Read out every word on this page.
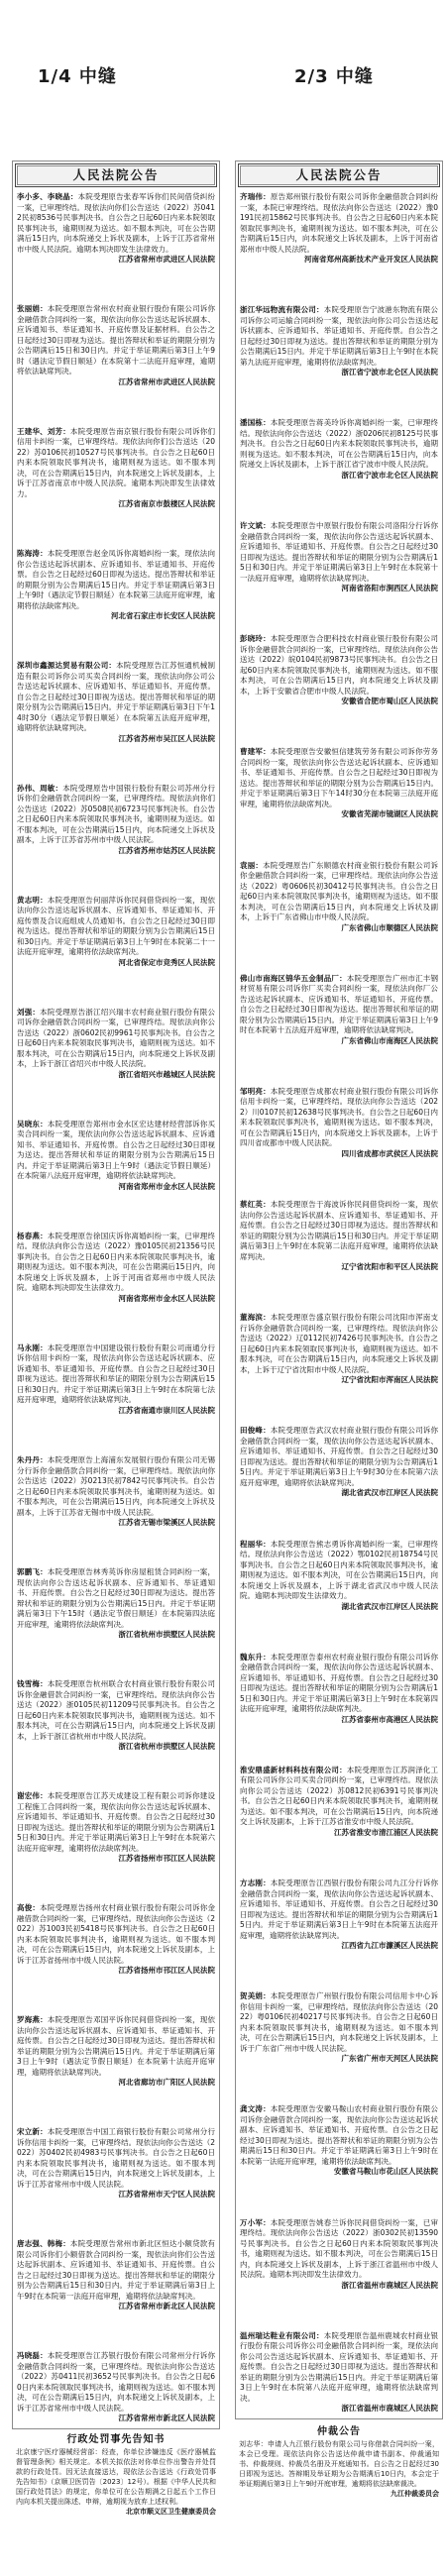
1/4 中缝	2/3 中缝
人民法院公告

李小多、李晓晶：本院受理原告张春军诉你们民间借贷纠纷一案，已审理终结。现依法向你们公告送达（2022）苏0412民初8536号民事判决书。自公告之日起60日内来本院领取民事判决书，逾期则视为送达。如不服本判决，可在公告期满后15日内，向本院递交上诉状及副本，上诉于江苏省常州市中级人民法院。逾期本判决即发生法律效力。

江苏省常州市武进区人民法院

张丽娟：本院受理原告常州农村商业银行股份有限公司诉你金融借款合同纠纷一案，现依法向你公告送达起诉状副本、应诉通知书、举证通知书、开庭传票及证据材料。自公告之日起经过30日即视为送达。提出答辩状和举证的期限分别为公告期满后15日和30日内。并定于举证期满后第3日上午9时（遇法定节假日顺延）在本院第十二法庭开庭审理，逾期将依法缺席判决。

江苏省常州市武进区人民法院

王建华、刘芳：本院受理原告南京银行股份有限公司诉你们信用卡纠纷一案，已审理终结。现依法向你们公告送达（2022）苏0106民初10527号民事判决书。自公告之日起60日内来本院领取民事判决书，逾期则视为送达。如不服本判决，可在公告期满后15日内，向本院递交上诉状及副本，上诉于江苏省南京市中级人民法院。逾期本判决即发生法律效力。

江苏省南京市鼓楼区人民法院

陈海涛：本院受理原告赵金凤诉你离婚纠纷一案，现依法向你公告送达起诉状副本、应诉通知书、举证通知书、开庭传票。自公告之日起经过60日即视为送达。提出答辩状和举证的期限分别为公告期满后15日内。并定于举证期满后第3日上午9时（遇法定节假日顺延）在本院第三法庭开庭审理，逾期将依法缺席判决。

河北省石家庄市长安区人民法院

深圳市鑫源达贸易有限公司：本院受理原告江苏恒通机械制造有限公司诉你公司买卖合同纠纷一案，现依法向你公司公告送达起诉状副本、应诉通知书、举证通知书、开庭传票。自公告之日起经过30日即视为送达。提出答辩状和举证的期限分别为公告期满后15日内。并定于举证期满后第3日下午14时30分（遇法定节假日顺延）在本院第五法庭开庭审理，逾期将依法缺席判决。

江苏省苏州市吴江区人民法院

孙伟、周敏：本院受理原告中国银行股份有限公司苏州分行诉你们金融借款合同纠纷一案，已审理终结。现依法向你们公告送达（2022）苏0508民初6723号民事判决书。自公告之日起60日内来本院领取民事判决书，逾期则视为送达。如不服本判决，可在公告期满后15日内，向本院递交上诉状及副本，上诉于江苏省苏州市中级人民法院。

江苏省苏州市姑苏区人民法院

黄志明：本院受理原告何丽萍诉你民间借贷纠纷一案，现依法向你公告送达起诉状副本、应诉通知书、举证通知书、开庭传票及合议庭组成人员通知书。自公告之日起经过30日即视为送达。提出答辩状和举证的期限分别为公告期满后15日和30日内。并定于举证期满后第3日上午9时在本院第二十一法庭开庭审理，逾期将依法缺席判决。

河北省保定市竞秀区人民法院

刘强：本院受理原告浙江绍兴瑞丰农村商业银行股份有限公司诉你金融借款合同纠纷一案，已审理终结。现依法向你公告送达（2022）浙0602民初9961号民事判决书。自公告之日起60日内来本院领取民事判决书，逾期则视为送达。如不服本判决，可在公告期满后15日内，向本院递交上诉状及副本，上诉于浙江省绍兴市中级人民法院。

浙江省绍兴市越城区人民法院

吴晓东：本院受理原告郑州市金水区宏达建材经营部诉你买卖合同纠纷一案，现依法向你公告送达起诉状副本、应诉通知书、举证通知书、开庭传票。自公告之日起经过30日即视为送达。提出答辩状和举证的期限分别为公告期满后15日内。并定于举证期满后第3日上午9时（遇法定节假日顺延）在本院第八法庭开庭审理，逾期将依法缺席判决。

河南省郑州市金水区人民法院

杨春燕：本院受理原告徐国庆诉你离婚纠纷一案，已审理终结。现依法向你公告送达（2022）豫0105民初21356号民事判决书。自公告之日起60日内来本院领取民事判决书，逾期则视为送达。如不服本判决，可在公告期满后15日内，向本院递交上诉状及副本，上诉于河南省郑州市中级人民法院。逾期本判决即发生法律效力。

河南省郑州市金水区人民法院

马永刚：本院受理原告中国建设银行股份有限公司南通分行诉你信用卡纠纷一案，现依法向你公告送达起诉状副本、应诉通知书、举证通知书、开庭传票。自公告之日起经过30日即视为送达。提出答辩状和举证的期限分别为公告期满后15日和30日内。并定于举证期满后第3日上午9时在本院第七法庭开庭审理，逾期将依法缺席判决。

江苏省南通市崇川区人民法院

朱丹丹：本院受理原告上海浦东发展银行股份有限公司无锡分行诉你金融借款合同纠纷一案，已审理终结。现依法向你公告送达（2022）苏0213民初7842号民事判决书。自公告之日起60日内来本院领取民事判决书，逾期则视为送达。如不服本判决，可在公告期满后15日内，向本院递交上诉状及副本，上诉于江苏省无锡市中级人民法院。

江苏省无锡市梁溪区人民法院

郭鹏飞：本院受理原告林秀英诉你房屋租赁合同纠纷一案，现依法向你公告送达起诉状副本、应诉通知书、举证通知书、开庭传票。自公告之日起经过30日即视为送达。提出答辩状和举证的期限分别为公告期满后15日内。并定于举证期满后第3日下午15时（遇法定节假日顺延）在本院第四法庭开庭审理，逾期将依法缺席判决。

浙江省杭州市拱墅区人民法院

钱雪梅：本院受理原告杭州联合农村商业银行股份有限公司诉你金融借款合同纠纷一案，已审理终结。现依法向你公告送达（2022）浙0105民初11209号民事判决书。自公告之日起60日内来本院领取民事判决书，逾期则视为送达。如不服本判决，可在公告期满后15日内，向本院递交上诉状及副本，上诉于浙江省杭州市中级人民法院。

浙江省杭州市拱墅区人民法院

谢宏伟：本院受理原告江苏天成建设工程有限公司诉你建设工程施工合同纠纷一案，现依法向你公告送达起诉状副本、应诉通知书、举证通知书、开庭传票。自公告之日起经过30日即视为送达。提出答辩状和举证的期限分别为公告期满后15日和30日内。并定于举证期满后第3日上午9时在本院第六法庭开庭审理，逾期将依法缺席判决。

江苏省扬州市邗江区人民法院

高俊：本院受理原告扬州农村商业银行股份有限公司诉你金融借款合同纠纷一案，已审理终结。现依法向你公告送达（2022）苏1003民初5418号民事判决书。自公告之日起60日内来本院领取民事判决书，逾期则视为送达。如不服本判决，可在公告期满后15日内，向本院递交上诉状及副本，上诉于江苏省扬州市中级人民法院。

江苏省扬州市邗江区人民法院

罗海燕：本院受理原告邓国平诉你民间借贷纠纷一案，现依法向你公告送达起诉状副本、应诉通知书、举证通知书、开庭传票。自公告之日起经过30日即视为送达。提出答辩状和举证的期限分别为公告期满后15日内。并定于举证期满后第3日上午9时（遇法定节假日顺延）在本院第十法庭开庭审理，逾期将依法缺席判决。

河北省廊坊市广阳区人民法院

宋立新：本院受理原告中国工商银行股份有限公司常州分行诉你信用卡纠纷一案，已审理终结。现依法向你公告送达（2022）苏0402民初4983号民事判决书。自公告之日起60日内来本院领取民事判决书，逾期则视为送达。如不服本判决，可在公告期满后15日内，向本院递交上诉状及副本，上诉于江苏省常州市中级人民法院。

江苏省常州市天宁区人民法院

唐志强、韩梅：本院受理原告常州市新北区恒达小额贷款有限公司诉你们小额借款合同纠纷一案，现依法向你们公告送达起诉状副本、应诉通知书、举证通知书、开庭传票。自公告之日起经过30日即视为送达。提出答辩状和举证的期限分别为公告期满后15日和30日内。并定于举证期满后第3日上午9时在本院第一法庭开庭审理，逾期将依法缺席判决。

江苏省常州市新北区人民法院

冯晓磊：本院受理原告江苏银行股份有限公司常州分行诉你金融借款合同纠纷一案，已审理终结。现依法向你公告送达（2022）苏0411民初3652号民事判决书。自公告之日起60日内来本院领取民事判决书，逾期则视为送达。如不服本判决，可在公告期满后15日内，向本院递交上诉状及副本，上诉于江苏省常州市中级人民法院。

江苏省常州市新北区人民法院
人民法院公告

齐瑞伟：原告郑州银行股份有限公司诉你金融借款合同纠纷一案，本院已审理终结。现依法向你公告送达（2022）豫0191民初15862号民事判决书。自公告之日起60日内来本院领取民事判决书，逾期则视为送达。如不服本判决，可在公告期满后15日内，向本院递交上诉状及副本，上诉于河南省郑州市中级人民法院。

河南省郑州高新技术产业开发区人民法院

浙江华远物流有限公司：本院受理原告宁波港东物流有限公司诉你公司运输合同纠纷一案，现依法向你公司公告送达起诉状副本、应诉通知书、举证通知书、开庭传票。自公告之日起经过30日即视为送达。提出答辩状和举证的期限分别为公告期满后15日内。并定于举证期满后第3日上午9时在本院第九法庭开庭审理，逾期将依法缺席判决。

浙江省宁波市北仑区人民法院

潘国栋：本院受理原告蒋美玲诉你离婚纠纷一案，已审理终结。现依法向你公告送达（2022）浙0206民初8125号民事判决书。自公告之日起60日内来本院领取民事判决书，逾期则视为送达。如不服本判决，可在公告期满后15日内，向本院递交上诉状及副本，上诉于浙江省宁波市中级人民法院。

浙江省宁波市北仑区人民法院

许文斌：本院受理原告中原银行股份有限公司洛阳分行诉你金融借款合同纠纷一案，现依法向你公告送达起诉状副本、应诉通知书、举证通知书、开庭传票。自公告之日起经过30日即视为送达。提出答辩状和举证的期限分别为公告期满后15日和30日内。并定于举证期满后第3日上午9时在本院第十一法庭开庭审理，逾期将依法缺席判决。

河南省洛阳市涧西区人民法院

彭晓玲：本院受理原告合肥科技农村商业银行股份有限公司诉你金融借款合同纠纷一案，已审理终结。现依法向你公告送达（2022）皖0104民初9873号民事判决书。自公告之日起60日内来本院领取民事判决书，逾期则视为送达。如不服本判决，可在公告期满后15日内，向本院递交上诉状及副本，上诉于安徽省合肥市中级人民法院。

安徽省合肥市蜀山区人民法院

曹建军：本院受理原告安徽恒信建筑劳务有限公司诉你劳务合同纠纷一案，现依法向你公告送达起诉状副本、应诉通知书、举证通知书、开庭传票。自公告之日起经过30日即视为送达。提出答辩状和举证的期限分别为公告期满后15日内。并定于举证期满后第3日下午14时30分在本院第三法庭开庭审理，逾期将依法缺席判决。

安徽省芜湖市镜湖区人民法院

袁丽：本院受理原告广东顺德农村商业银行股份有限公司诉你金融借款合同纠纷一案，已审理终结。现依法向你公告送达（2022）粤0606民初30412号民事判决书。自公告之日起60日内来本院领取民事判决书，逾期则视为送达。如不服本判决，可在公告期满后15日内，向本院递交上诉状及副本，上诉于广东省佛山市中级人民法院。

广东省佛山市顺德区人民法院

佛山市南海区锦华五金制品厂：本院受理原告广州市汇丰钢材贸易有限公司诉你厂买卖合同纠纷一案，现依法向你厂公告送达起诉状副本、应诉通知书、举证通知书、开庭传票。自公告之日起经过30日即视为送达。提出答辩状和举证的期限分别为公告期满后15日内。并定于举证期满后第3日上午9时在本院第十五法庭开庭审理，逾期将依法缺席判决。

广东省佛山市南海区人民法院

邹明亮：本院受理原告成都农村商业银行股份有限公司诉你信用卡纠纷一案，已审理终结。现依法向你公告送达（2022）川0107民初12638号民事判决书。自公告之日起60日内来本院领取民事判决书，逾期则视为送达。如不服本判决，可在公告期满后15日内，向本院递交上诉状及副本，上诉于四川省成都市中级人民法院。

四川省成都市武侯区人民法院

蔡红英：本院受理原告于海波诉你民间借贷纠纷一案，现依法向你公告送达起诉状副本、应诉通知书、举证通知书、开庭传票。自公告之日起经过30日即视为送达。提出答辩状和举证的期限分别为公告期满后15日和30日内。并定于举证期满后第3日上午9时在本院第二法庭开庭审理，逾期将依法缺席判决。

辽宁省沈阳市和平区人民法院

董海滨：本院受理原告盛京银行股份有限公司沈阳市浑南支行诉你金融借款合同纠纷一案，已审理终结。现依法向你公告送达（2022）辽0112民初7426号民事判决书。自公告之日起60日内来本院领取民事判决书，逾期则视为送达。如不服本判决，可在公告期满后15日内，向本院递交上诉状及副本，上诉于辽宁省沈阳市中级人民法院。

辽宁省沈阳市浑南区人民法院

田俊峰：本院受理原告武汉农村商业银行股份有限公司诉你金融借款合同纠纷一案，现依法向你公告送达起诉状副本、应诉通知书、举证通知书、开庭传票。自公告之日起经过30日即视为送达。提出答辩状和举证的期限分别为公告期满后15日内。并定于举证期满后第3日上午9时30分在本院第六法庭开庭审理，逾期将依法缺席判决。

湖北省武汉市江岸区人民法院

程丽华：本院受理原告熊志勇诉你离婚纠纷一案，已审理终结。现依法向你公告送达（2022）鄂0102民初18754号民事判决书。自公告之日起60日内来本院领取民事判决书，逾期则视为送达。如不服本判决，可在公告期满后15日内，向本院递交上诉状及副本，上诉于湖北省武汉市中级人民法院。逾期本判决即发生法律效力。

湖北省武汉市江岸区人民法院

魏东升：本院受理原告泰州农村商业银行股份有限公司诉你金融借款合同纠纷一案，现依法向你公告送达起诉状副本、应诉通知书、举证通知书、开庭传票。自公告之日起经过30日即视为送达。提出答辩状和举证的期限分别为公告期满后15日和30日内。并定于举证期满后第3日上午9时在本院第四法庭开庭审理，逾期将依法缺席判决。

江苏省泰州市高港区人民法院

淮安鼎盛新材料科技有限公司：本院受理原告江苏润泽化工有限公司诉你公司买卖合同纠纷一案，已审理终结。现依法向你公司公告送达（2022）苏0812民初6391号民事判决书。自公告之日起60日内来本院领取民事判决书，逾期则视为送达。如不服本判决，可在公告期满后15日内，向本院递交上诉状及副本，上诉于江苏省淮安市中级人民法院。

江苏省淮安市清江浦区人民法院

方志刚：本院受理原告江西银行股份有限公司九江分行诉你金融借款合同纠纷一案，现依法向你公告送达起诉状副本、应诉通知书、举证通知书、开庭传票。自公告之日起经过30日即视为送达。提出答辩状和举证的期限分别为公告期满后15日内。并定于举证期满后第3日上午9时在本院第五法庭开庭审理，逾期将依法缺席判决。

江西省九江市濂溪区人民法院

贺美娟：本院受理原告广州银行股份有限公司信用卡中心诉你信用卡纠纷一案，已审理终结。现依法向你公告送达（2022）粤0106民初40217号民事判决书。自公告之日起60日内来本院领取民事判决书，逾期则视为送达。如不服本判决，可在公告期满后15日内，向本院递交上诉状及副本，上诉于广东省广州市中级人民法院。

广东省广州市天河区人民法院

龚文涛：本院受理原告安徽马鞍山农村商业银行股份有限公司诉你金融借款合同纠纷一案，现依法向你公告送达起诉状副本、应诉通知书、举证通知书、开庭传票。自公告之日起经过30日即视为送达。提出答辩状和举证的期限分别为公告期满后15日和30日内。并定于举证期满后第3日上午9时在本院第一法庭开庭审理，逾期将依法缺席判决。

安徽省马鞍山市花山区人民法院

万小军：本院受理原告姚春兰诉你民间借贷纠纷一案，已审理终结。现依法向你公告送达（2022）浙0302民初13590号民事判决书。自公告之日起60日内来本院领取民事判决书，逾期则视为送达。如不服本判决，可在公告期满后15日内，向本院递交上诉状及副本，上诉于浙江省温州市中级人民法院。逾期本判决即发生法律效力。

浙江省温州市鹿城区人民法院

温州瑞达鞋业有限公司：本院受理原告温州鹿城农村商业银行股份有限公司诉你公司金融借款合同纠纷一案，现依法向你公司公告送达起诉状副本、应诉通知书、举证通知书、开庭传票。自公告之日起经过30日即视为送达。提出答辩状和举证的期限分别为公告期满后15日内。并定于举证期满后第3日上午9时在本院第八法庭开庭审理，逾期将依法缺席判决。

浙江省温州市鹿城区人民法院
行政处罚事先告知书

北京康宁医疗器械经营部：经查，你单位涉嫌违反《医疗器械监督管理条例》相关规定。本机关拟依法对你单位作出警告并处罚款的行政处罚。因无法直接送达，现依法公告送达《行政处罚事先告知书》（京顺卫医罚告〔2023〕12号）。根据《中华人民共和国行政处罚法》的规定，你单位可在公告期满之日起五个工作日内向本机关提出陈述、申辩，逾期视为放弃上述权利。

北京市顺义区卫生健康委员会
仲裁公告

刘志华：申请人九江银行股份有限公司与你借款合同纠纷一案，本会已受理。现依法向你公告送达仲裁申请书副本、仲裁通知书、仲裁规则、仲裁员名册及开庭通知书。自公告之日起经过30日即视为送达。答辩期及举证期为公告期满后10日内，本会定于举证期满后第3日上午9时开庭审理，逾期将依法缺席裁决。

九江仲裁委员会
